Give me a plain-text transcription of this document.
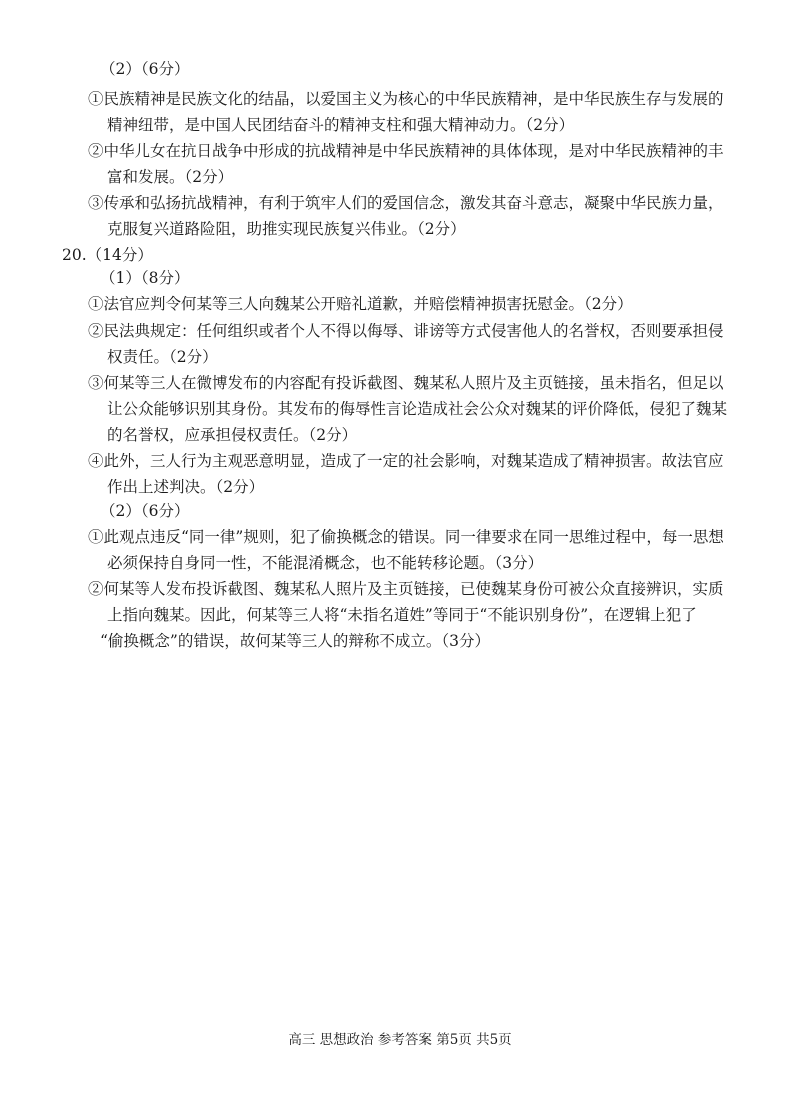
（2）（6分）
①民族精神是民族文化的结晶，以爱国主义为核心的中华民族精神，是中华民族生存与发展的
精神纽带，是中国人民团结奋斗的精神支柱和强大精神动力。（2分）
②中华儿女在抗日战争中形成的抗战精神是中华民族精神的具体体现，是对中华民族精神的丰
富和发展。（2分）
③传承和弘扬抗战精神，有利于筑牢人们的爱国信念，激发其奋斗意志，凝聚中华民族力量，
克服复兴道路险阻，助推实现民族复兴伟业。（2分）
20.（14分）
（1）（8分）
①法官应判令何某等三人向魏某公开赔礼道歉，并赔偿精神损害抚慰金。（2分）
②民法典规定：任何组织或者个人不得以侮辱、诽谤等方式侵害他人的名誉权，否则要承担侵
权责任。（2分）
③何某等三人在微博发布的内容配有投诉截图、魏某私人照片及主页链接，虽未指名，但足以
让公众能够识别其身份。其发布的侮辱性言论造成社会公众对魏某的评价降低，侵犯了魏某
的名誉权，应承担侵权责任。（2分）
④此外，三人行为主观恶意明显，造成了一定的社会影响，对魏某造成了精神损害。故法官应
作出上述判决。（2分）
（2）（6分）
①此观点违反“同一律”规则，犯了偷换概念的错误。同一律要求在同一思维过程中，每一思想
必须保持自身同一性，不能混淆概念，也不能转移论题。（3分）
②何某等人发布投诉截图、魏某私人照片及主页链接，已使魏某身份可被公众直接辨识，实质
上指向魏某。因此，何某等三人将“未指名道姓”等同于“不能识别身份”，在逻辑上犯了
“偷换概念”的错误，故何某等三人的辩称不成立。（3分）
高三 思想政治 参考答案 第5页 共5页
